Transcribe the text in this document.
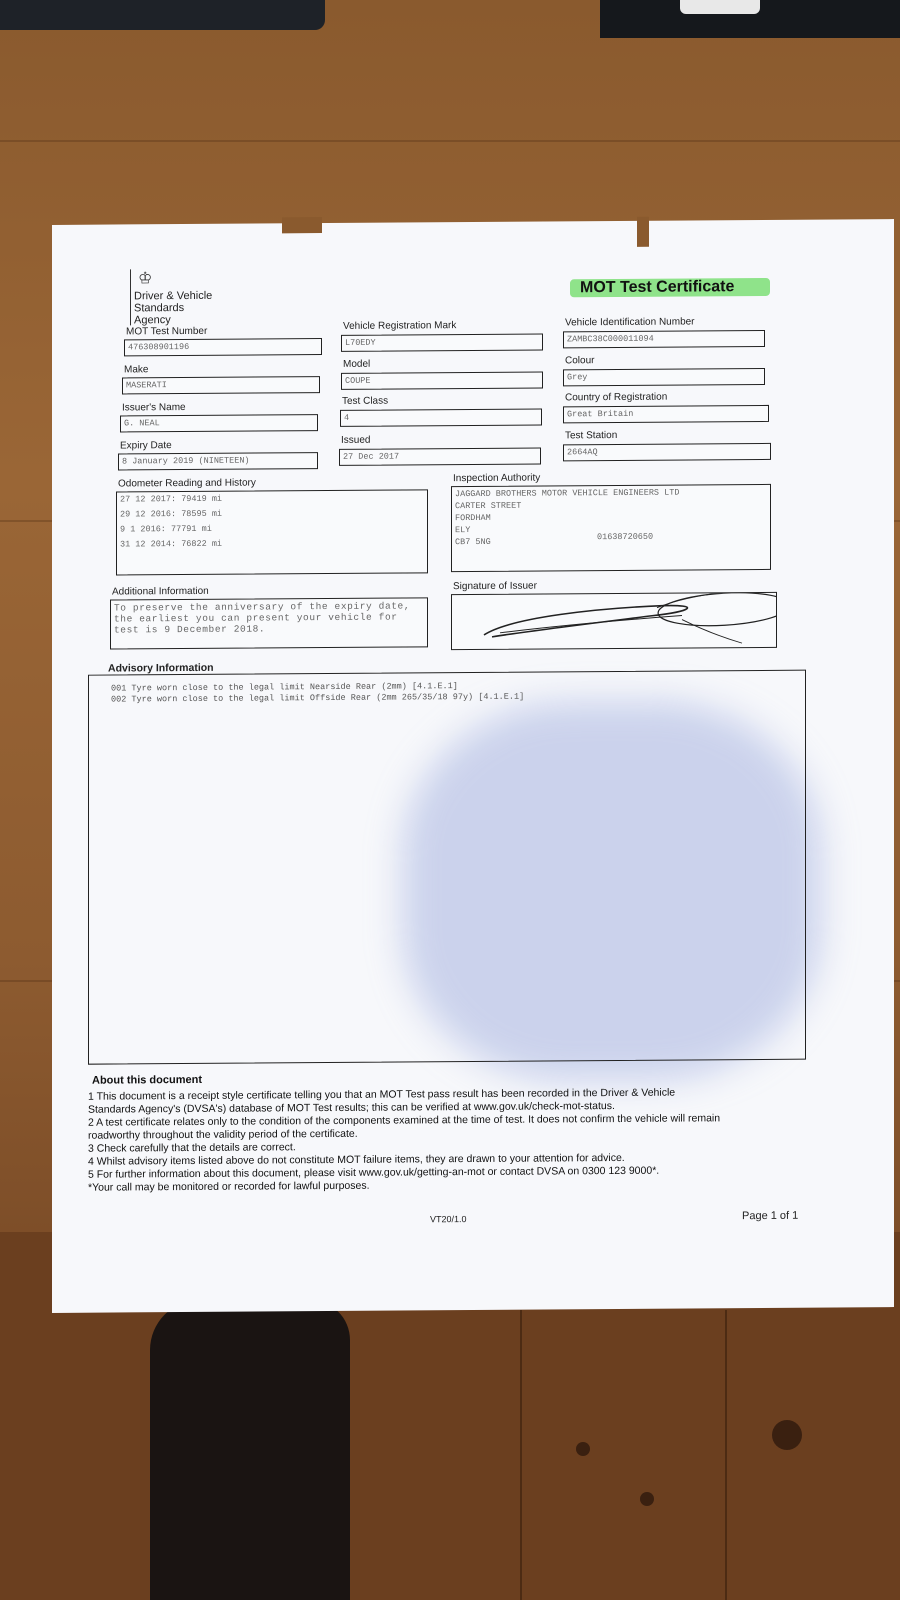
♔
Driver & Vehicle
Standards
Agency
MOT Test Certificate
MOT Test Number
476308901196
Vehicle Registration Mark
L70EDY
Vehicle Identification Number
ZAMBC38C000011094
Make
MASERATI
Model
COUPE
Colour
Grey
Issuer's Name
G. NEAL
Test Class
4
Country of Registration
Great Britain
Expiry Date
8 January 2019 (NINETEEN)
Issued
27 Dec 2017
Test Station
2664AQ
Odometer Reading and History
27 12 2017: 79419 mi
29 12 2016: 78595 mi
9 1 2016: 77791 mi
31 12 2014: 76822 mi
Inspection Authority
JAGGARD BROTHERS MOTOR VEHICLE ENGINEERS LTD
CARTER STREET
FORDHAM
ELY
CB7 5NG	01638720650
Additional Information
To preserve the anniversary of the expiry date,
the earliest you can present your vehicle for
test is 9 December 2018.
Signature of Issuer
Advisory Information
001 Tyre worn close to the legal limit Nearside Rear (2mm) [4.1.E.1]
002 Tyre worn close to the legal limit Offside Rear (2mm 265/35/18 97y) [4.1.E.1]
About this document
1 This document is a receipt style certificate telling you that an MOT Test pass result has been recorded in the Driver & Vehicle
Standards Agency's (DVSA's) database of MOT Test results; this can be verified at www.gov.uk/check-mot-status.
2 A test certificate relates only to the condition of the components examined at the time of test. It does not confirm the vehicle will remain
roadworthy throughout the validity period of the certificate.
3 Check carefully that the details are correct.
4 Whilst advisory items listed above do not constitute MOT failure items, they are drawn to your attention for advice.
5 For further information about this document, please visit www.gov.uk/getting-an-mot or contact DVSA on 0300 123 9000*.
*Your call may be monitored or recorded for lawful purposes.
VT20/1.0	Page 1 of 1
